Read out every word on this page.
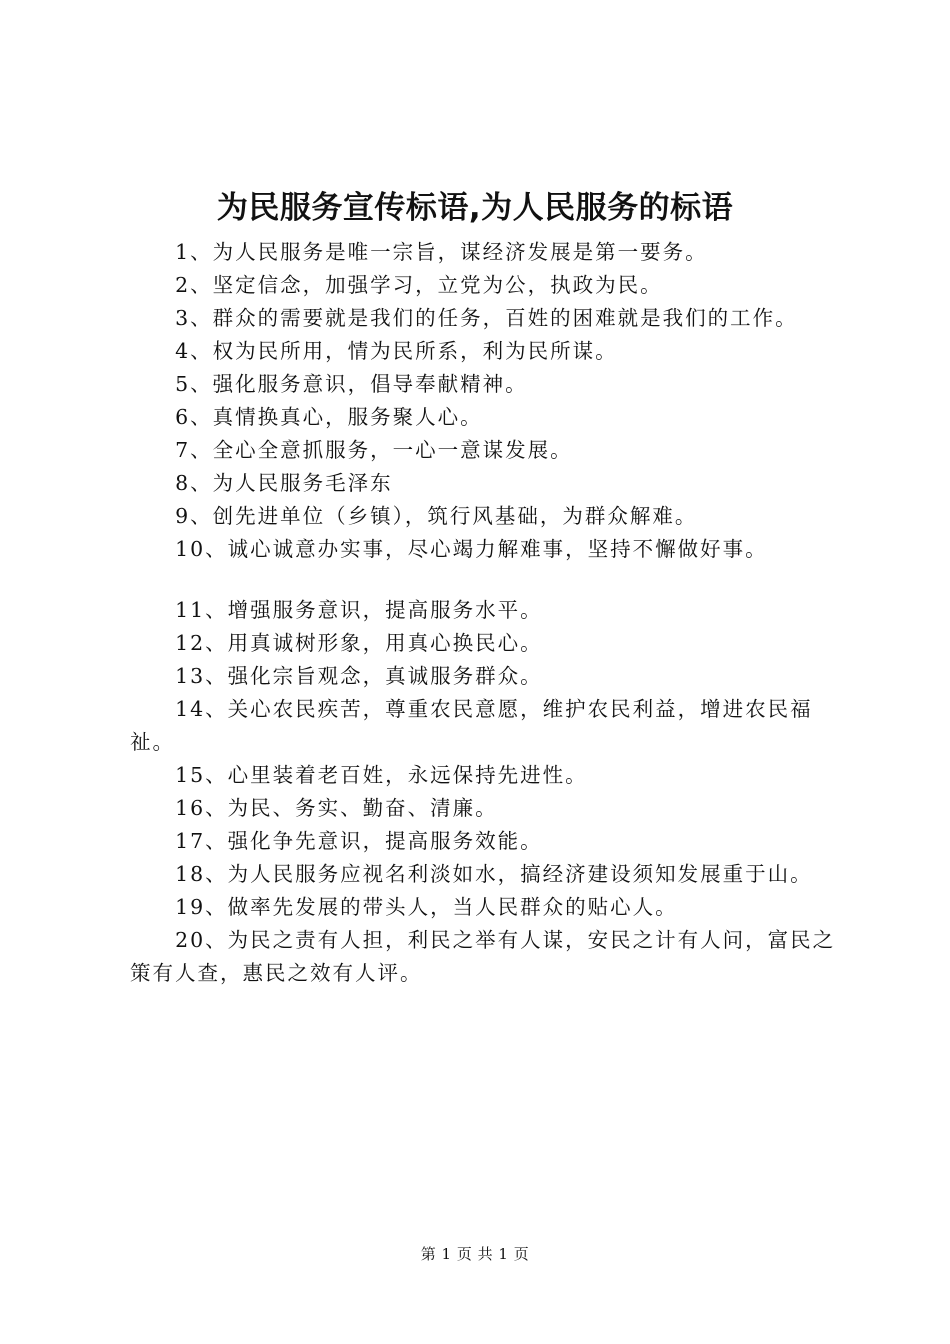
为民服务宣传标语,为人民服务的标语

1、为人民服务是唯一宗旨，谋经济发展是第一要务。

2、坚定信念，加强学习，立党为公，执政为民。

3、群众的需要就是我们的任务，百姓的困难就是我们的工作。

4、权为民所用，情为民所系，利为民所谋。

5、强化服务意识，倡导奉献精神。

6、真情换真心，服务聚人心。

7、全心全意抓服务，一心一意谋发展。

8、为人民服务毛泽东

9、创先进单位（乡镇），筑行风基础，为群众解难。

10、诚心诚意办实事，尽心竭力解难事，坚持不懈做好事。

11、增强服务意识，提高服务水平。

12、用真诚树形象，用真心换民心。

13、强化宗旨观念，真诚服务群众。

14、关心农民疾苦，尊重农民意愿，维护农民利益，增进农民福祉。

15、心里装着老百姓，永远保持先进性。

16、为民、务实、勤奋、清廉。

17、强化争先意识，提高服务效能。

18、为人民服务应视名利淡如水，搞经济建设须知发展重于山。

19、做率先发展的带头人，当人民群众的贴心人。

20、为民之责有人担，利民之举有人谋，安民之计有人问，富民之策有人查，惠民之效有人评。

第 1 页 共 1 页
